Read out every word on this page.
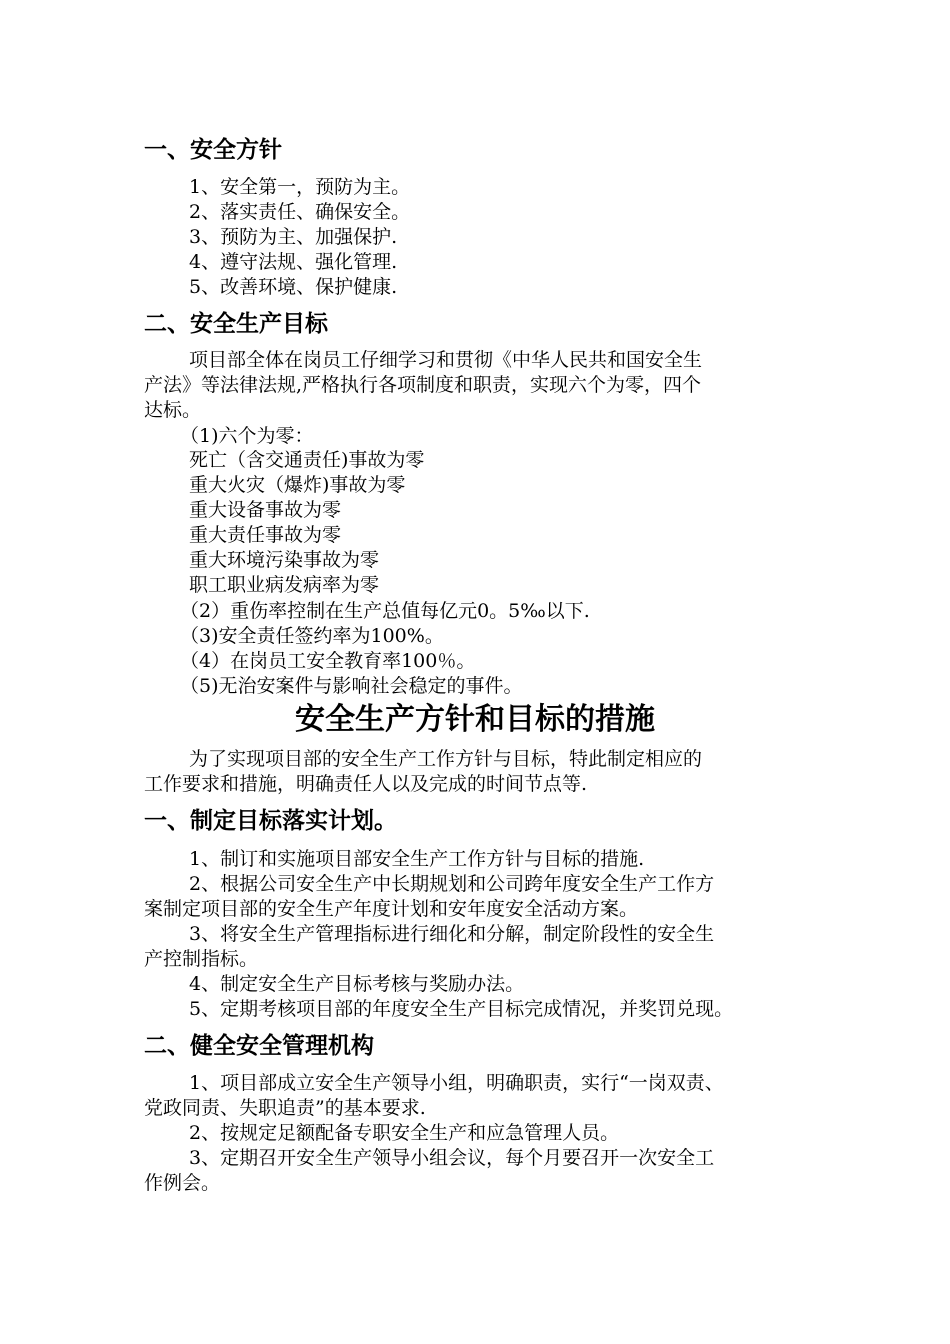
一、安全方针
1、安全第一，预防为主。
2、落实责任、确保安全。
3、预防为主、加强保护.
4、遵守法规、强化管理.
5、改善环境、保护健康.
二、安全生产目标
项目部全体在岗员工仔细学习和贯彻《中华人民共和国安全生
产法》等法律法规,严格执行各项制度和职责，实现六个为零，四个
达标。
（1)六个为零：
死亡（含交通责任)事故为零
重大火灾（爆炸)事故为零
重大设备事故为零
重大责任事故为零
重大环境污染事故为零
职工职业病发病率为零
（2）重伤率控制在生产总值每亿元0。5‰以下.
（3)安全责任签约率为100%。
（4）在岗员工安全教育率100％。
（5)无治安案件与影响社会稳定的事件。
安全生产方针和目标的措施
为了实现项目部的安全生产工作方针与目标，特此制定相应的
工作要求和措施，明确责任人以及完成的时间节点等.
一、制定目标落实计划。
1、制订和实施项目部安全生产工作方针与目标的措施.
2、根据公司安全生产中长期规划和公司跨年度安全生产工作方
案制定项目部的安全生产年度计划和安年度安全活动方案。
3、将安全生产管理指标进行细化和分解，制定阶段性的安全生
产控制指标。
4、制定安全生产目标考核与奖励办法。
5、定期考核项目部的年度安全生产目标完成情况，并奖罚兑现。
二、健全安全管理机构
1、项目部成立安全生产领导小组，明确职责，实行“一岗双责、
党政同责、失职追责”的基本要求.
2、按规定足额配备专职安全生产和应急管理人员。
3、定期召开安全生产领导小组会议，每个月要召开一次安全工
作例会。
